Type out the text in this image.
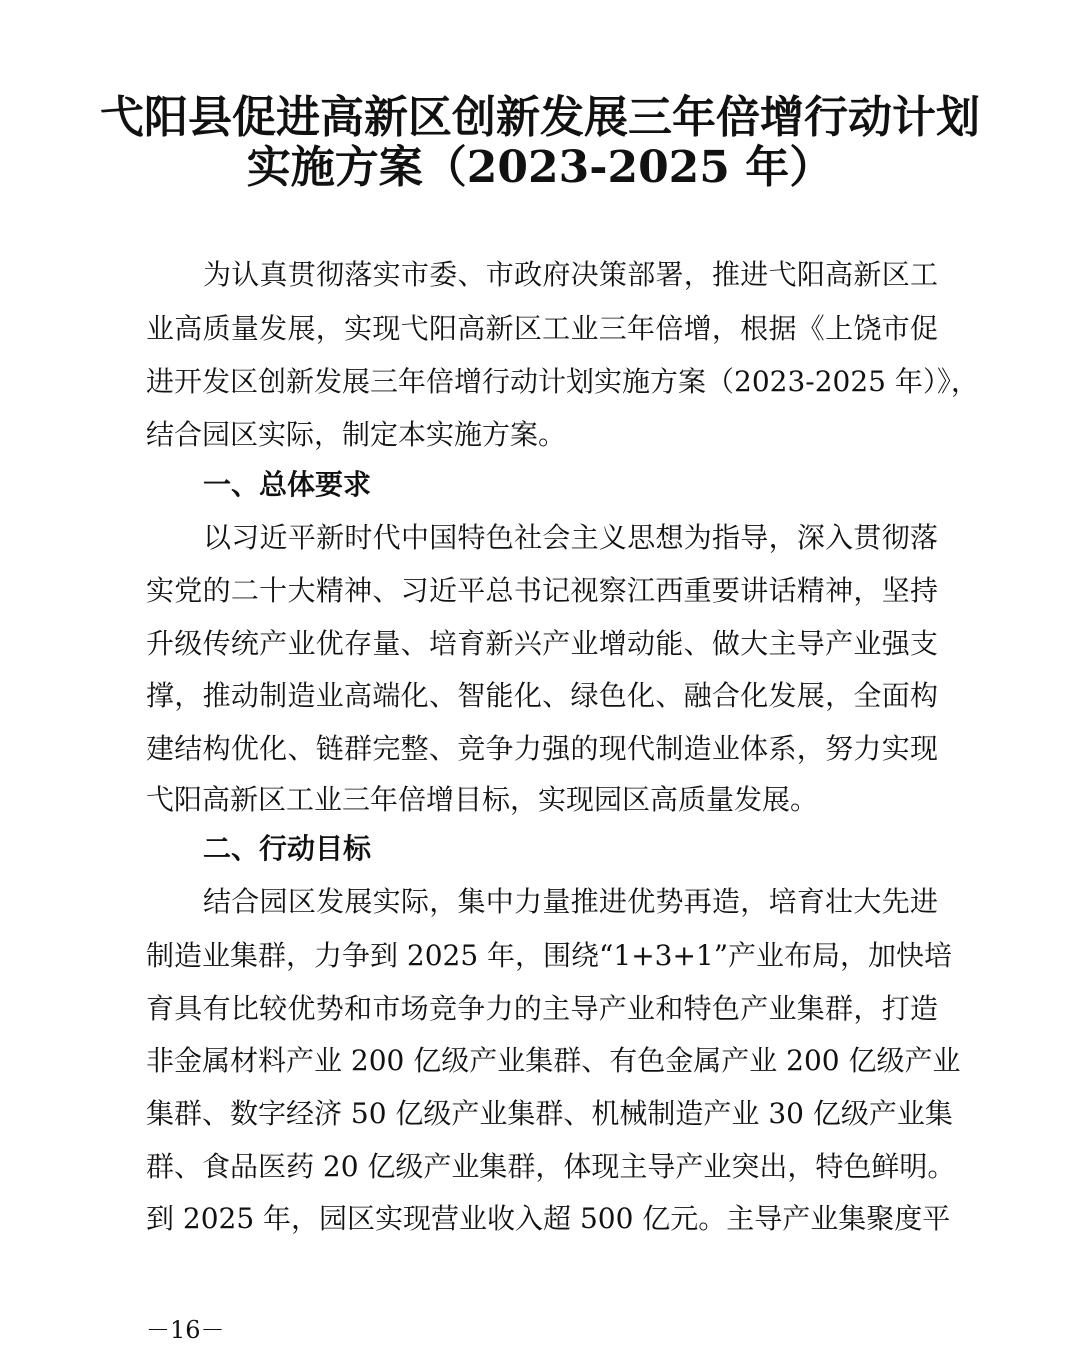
弋阳县促进高新区创新发展三年倍增行动计划
实施方案（2023-2025 年）
为认真贯彻落实市委、市政府决策部署，推进弋阳高新区工
业高质量发展，实现弋阳高新区工业三年倍增，根据《上饶市促
进开发区创新发展三年倍增行动计划实施方案（2023-2025 年）》，
结合园区实际，制定本实施方案。
一、总体要求
以习近平新时代中国特色社会主义思想为指导，深入贯彻落
实党的二十大精神、习近平总书记视察江西重要讲话精神，坚持
升级传统产业优存量、培育新兴产业增动能、做大主导产业强支
撑，推动制造业高端化、智能化、绿色化、融合化发展，全面构
建结构优化、链群完整、竞争力强的现代制造业体系，努力实现
弋阳高新区工业三年倍增目标，实现园区高质量发展。
二、行动目标
结合园区发展实际，集中力量推进优势再造，培育壮大先进
制造业集群，力争到 2025 年，围绕“1+3+1”产业布局，加快培
育具有比较优势和市场竞争力的主导产业和特色产业集群，打造
非金属材料产业 200 亿级产业集群、有色金属产业 200 亿级产业
集群、数字经济 50 亿级产业集群、机械制造产业 30 亿级产业集
群、食品医药 20 亿级产业集群，体现主导产业突出，特色鲜明。
到 2025 年，园区实现营业收入超 500 亿元。主导产业集聚度平
－16－
